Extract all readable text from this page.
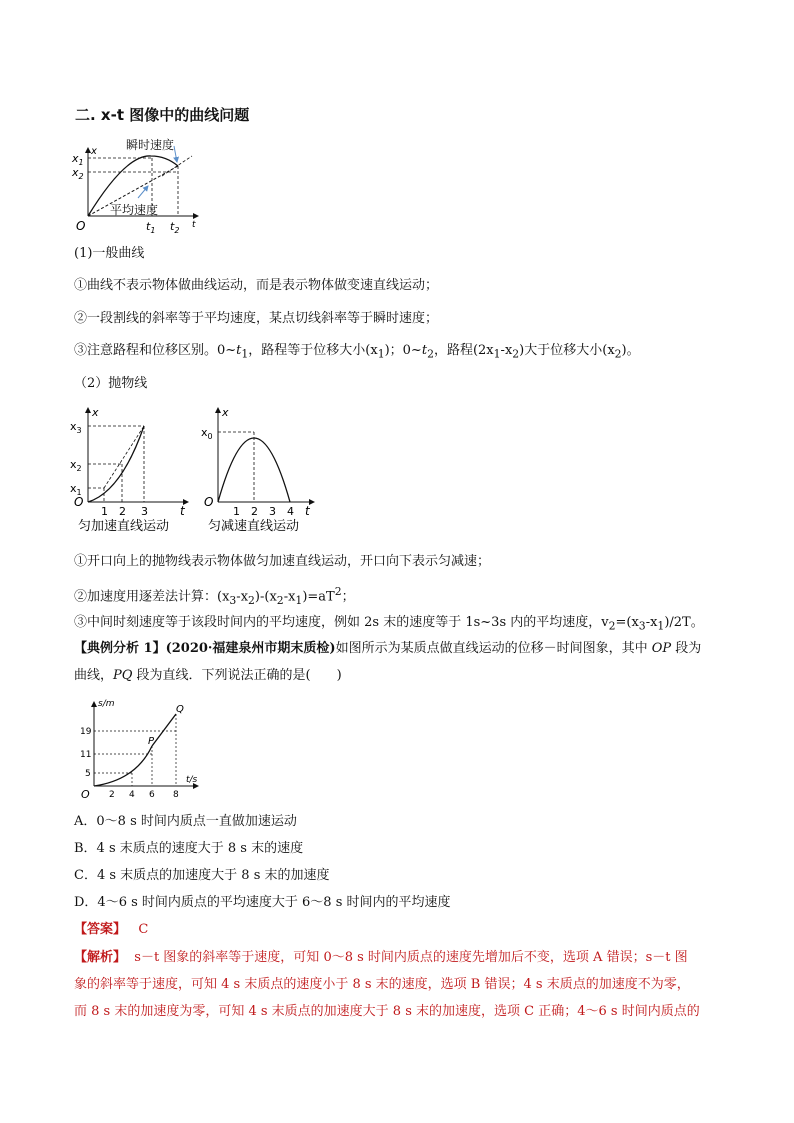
二. x-t 图像中的曲线问题
瞬时速度
平均速度
x
$x_1$
$x_2$
$t_1$ $t_2$
t
O
(1)一般曲线
①曲线不表示物体做曲线运动，而是表示物体做变速直线运动；
②一段割线的斜率等于平均速度，某点切线斜率等于瞬时速度；
③注意路程和位移区别。$0\sim t_1$，路程等于位移大小$(x_1)$；$0\sim t_2$，路程$(2x_1-x_2)$大于位移大小$(x_2)$。
（2）抛物线
x
$x_3$
$x_2$
$x_1$
O
1 2 3	t
匀加速直线运动
x
$x_0$
O
1 2 3 4 t
匀减速直线运动
①开口向上的抛物线表示物体做匀加速直线运动，开口向下表示匀减速；
②加速度用逐差法计算：$(x_3-x_2)-(x_2-x_1)=aT^2$；
③中间时刻速度等于该段时间内的平均速度，例如 2s 末的速度等于 1s~3s 内的平均速度，$v_2=(x_3-x_1)/2T$。
【典例分析 1】(2020·福建泉州市期末质检)如图所示为某质点做直线运动的位移－时间图象，其中 OP 段为
曲线，PQ 段为直线．下列说法正确的是(　　)
s/m
19
11
5
O 2 4 6 8
t/s
P
Q
A．0～8 s 时间内质点一直做加速运动
B．4 s 末质点的速度大于 8 s 末的速度
C．4 s 末质点的加速度大于 8 s 末的加速度
D．4～6 s 时间内质点的平均速度大于 6～8 s 时间内的平均速度
【答案】 C
【解析】 s－t 图象的斜率等于速度，可知 0～8 s 时间内质点的速度先增加后不变，选项 A 错误；s－t 图
象的斜率等于速度，可知 4 s 末质点的速度小于 8 s 末的速度，选项 B 错误；4 s 末质点的加速度不为零，
而 8 s 末的加速度为零，可知 4 s 末质点的加速度大于 8 s 末的加速度，选项 C 正确；4～6 s 时间内质点的
